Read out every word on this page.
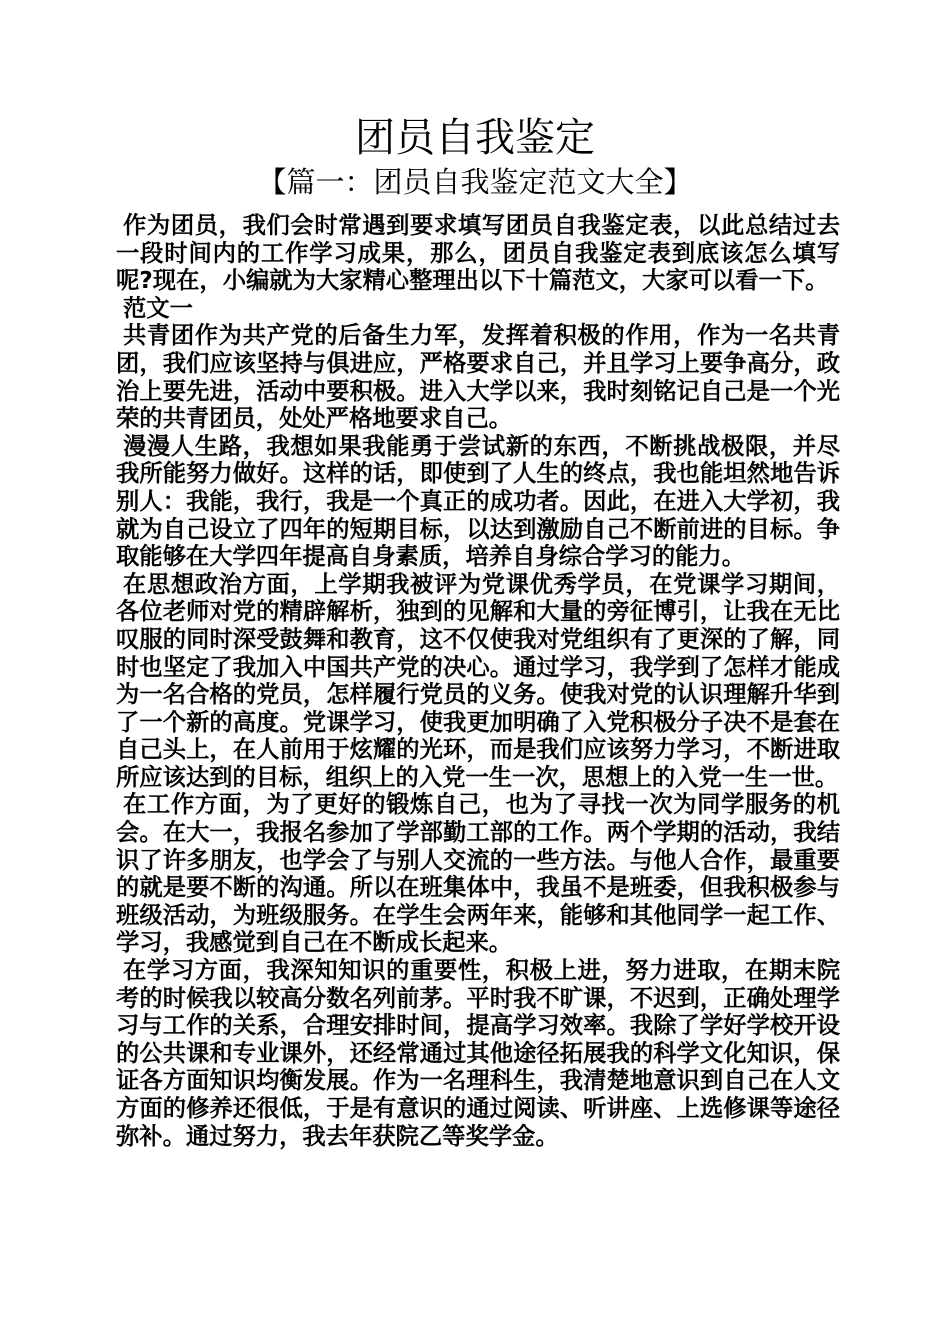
团员自我鉴定
【篇一：团员自我鉴定范文大全】

作为团员，我们会时常遇到要求填写团员自我鉴定表，以此总结过去一段时间内的工作学习成果，那么，团员自我鉴定表到底该怎么填写呢?现在，小编就为大家精心整理出以下十篇范文，大家可以看一下。

范文一

共青团作为共产党的后备生力军，发挥着积极的作用，作为一名共青团，我们应该坚持与俱进应，严格要求自己，并且学习上要争高分，政治上要先进，活动中要积极。进入大学以来，我时刻铭记自己是一个光荣的共青团员，处处严格地要求自己。

漫漫人生路，我想如果我能勇于尝试新的东西，不断挑战极限，并尽我所能努力做好。这样的话，即使到了人生的终点，我也能坦然地告诉别人：我能，我行，我是一个真正的成功者。因此，在进入大学初，我就为自己设立了四年的短期目标，以达到激励自己不断前进的目标。争取能够在大学四年提高自身素质，培养自身综合学习的能力。

在思想政治方面，上学期我被评为党课优秀学员，在党课学习期间，各位老师对党的精辟解析，独到的见解和大量的旁征博引，让我在无比叹服的同时深受鼓舞和教育，这不仅使我对党组织有了更深的了解，同时也坚定了我加入中国共产党的决心。通过学习，我学到了怎样才能成为一名合格的党员，怎样履行党员的义务。使我对党的认识理解升华到了一个新的高度。党课学习，使我更加明确了入党积极分子决不是套在自己头上，在人前用于炫耀的光环，而是我们应该努力学习，不断进取所应该达到的目标，组织上的入党一生一次，思想上的入党一生一世。

在工作方面，为了更好的锻炼自己，也为了寻找一次为同学服务的机会。在大一，我报名参加了学部勤工部的工作。两个学期的活动，我结识了许多朋友，也学会了与别人交流的一些方法。与他人合作，最重要的就是要不断的沟通。所以在班集体中，我虽不是班委，但我积极参与班级活动，为班级服务。在学生会两年来，能够和其他同学一起工作、学习，我感觉到自己在不断成长起来。

在学习方面，我深知知识的重要性，积极上进，努力进取，在期末院考的时候我以较高分数名列前茅。平时我不旷课，不迟到，正确处理学习与工作的关系，合理安排时间，提高学习效率。我除了学好学校开设的公共课和专业课外，还经常通过其他途径拓展我的科学文化知识，保证各方面知识均衡发展。作为一名理科生，我清楚地意识到自己在人文方面的修养还很低，于是有意识的通过阅读、听讲座、上选修课等途径弥补。通过努力，我去年获院乙等奖学金。
